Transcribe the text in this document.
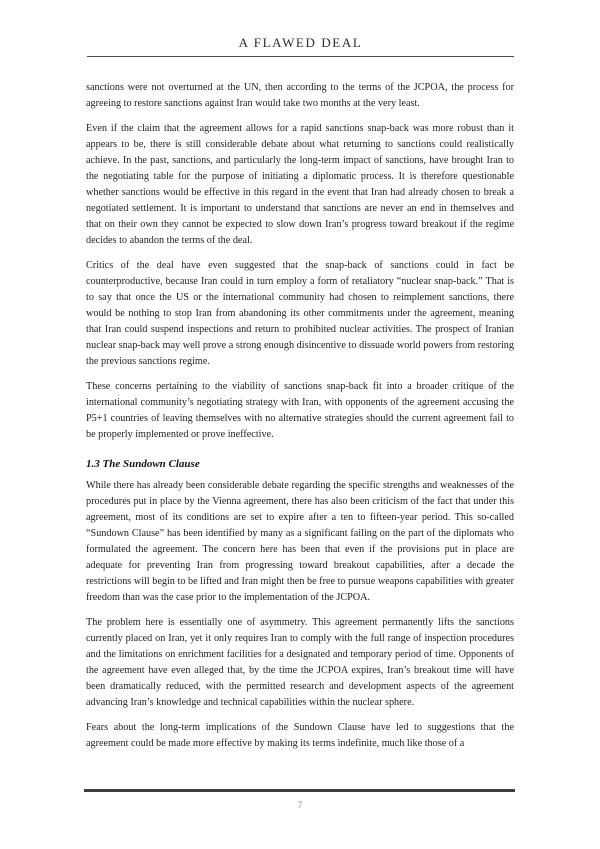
A FLAWED DEAL

sanctions were not overturned at the UN, then according to the terms of the JCPOA, the process for agreeing to restore sanctions against Iran would take two months at the very least.

Even if the claim that the agreement allows for a rapid sanctions snap-back was more robust than it appears to be, there is still considerable debate about what returning to sanctions could realistically achieve. In the past, sanctions, and particularly the long-term impact of sanctions, have brought Iran to the negotiating table for the purpose of initiating a diplomatic process. It is therefore questionable whether sanctions would be effective in this regard in the event that Iran had already chosen to break a negotiated settlement. It is important to understand that sanctions are never an end in themselves and that on their own they cannot be expected to slow down Iran’s progress toward breakout if the regime decides to abandon the terms of the deal.

Critics of the deal have even suggested that the snap-back of sanctions could in fact be counterproductive, because Iran could in turn employ a form of retaliatory “nuclear snap-back.” That is to say that once the US or the international community had chosen to reimplement sanctions, there would be nothing to stop Iran from abandoning its other commitments under the agreement, meaning that Iran could suspend inspections and return to prohibited nuclear activities. The prospect of Iranian nuclear snap-back may well prove a strong enough disincentive to dissuade world powers from restoring the previous sanctions regime.

These concerns pertaining to the viability of sanctions snap-back fit into a broader critique of the international community’s negotiating strategy with Iran, with opponents of the agreement accusing the P5+1 countries of leaving themselves with no alternative strategies should the current agreement fail to be properly implemented or prove ineffective.

1.3 The Sundown Clause

While there has already been considerable debate regarding the specific strengths and weaknesses of the procedures put in place by the Vienna agreement, there has also been criticism of the fact that under this agreement, most of its conditions are set to expire after a ten to fifteen-year period. This so-called “Sundown Clause” has been identified by many as a significant failing on the part of the diplomats who formulated the agreement. The concern here has been that even if the provisions put in place are adequate for preventing Iran from progressing toward breakout capabilities, after a decade the restrictions will begin to be lifted and Iran might then be free to pursue weapons capabilities with greater freedom than was the case prior to the implementation of the JCPOA.

The problem here is essentially one of asymmetry. This agreement permanently lifts the sanctions currently placed on Iran, yet it only requires Iran to comply with the full range of inspection procedures and the limitations on enrichment facilities for a designated and temporary period of time. Opponents of the agreement have even alleged that, by the time the JCPOA expires, Iran’s breakout time will have been dramatically reduced, with the permitted research and development aspects of the agreement advancing Iran’s knowledge and technical capabilities within the nuclear sphere.

Fears about the long-term implications of the Sundown Clause have led to suggestions that the agreement could be made more effective by making its terms indefinite, much like those of a

7
